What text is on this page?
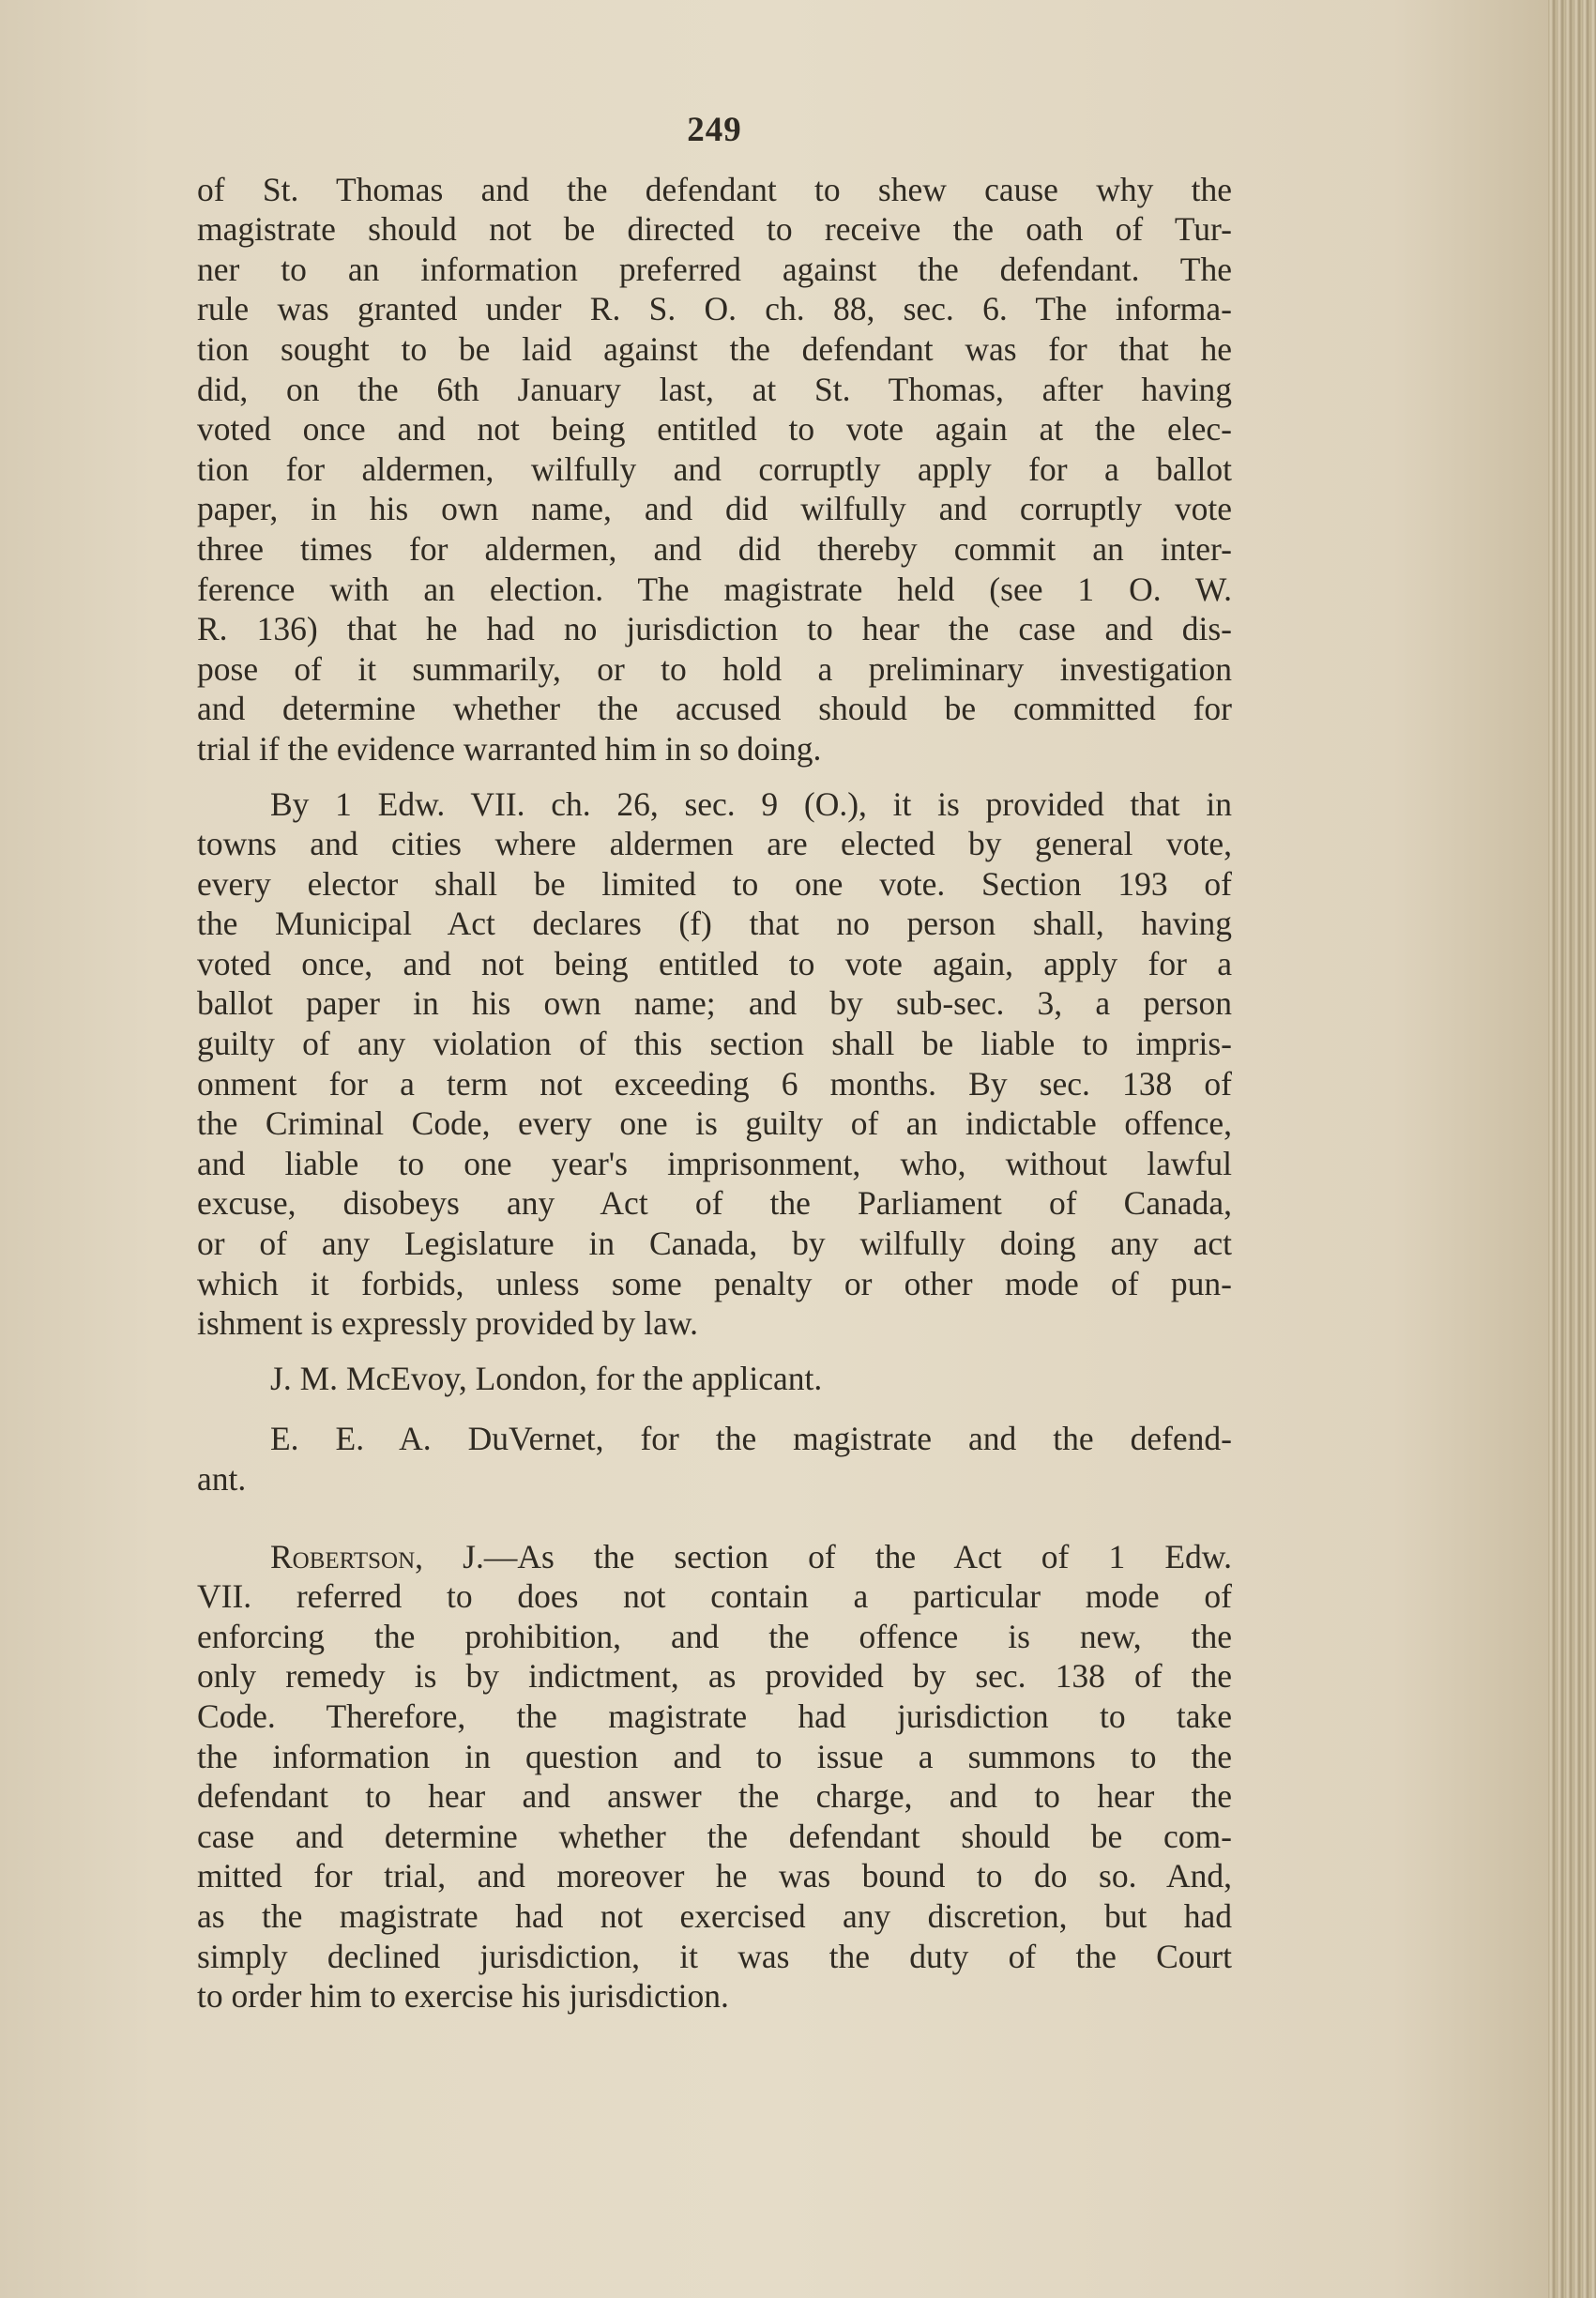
249

of St. Thomas and the defendant to shew cause why the

magistrate should not be directed to receive the oath of Tur-

ner to an information preferred against the defendant. The

rule was granted under R. S. O. ch. 88, sec. 6. The informa-

tion sought to be laid against the defendant was for that he

did, on the 6th January last, at St. Thomas, after having

voted once and not being entitled to vote again at the elec-

tion for aldermen, wilfully and corruptly apply for a ballot

paper, in his own name, and did wilfully and corruptly vote

three times for aldermen, and did thereby commit an inter-

ference with an election. The magistrate held (see 1 O. W.

R. 136) that he had no jurisdiction to hear the case and dis-

pose of it summarily, or to hold a preliminary investigation

and determine whether the accused should be committed for

trial if the evidence warranted him in so doing.

By 1 Edw. VII. ch. 26, sec. 9 (O.), it is provided that in

towns and cities where aldermen are elected by general vote,

every elector shall be limited to one vote. Section 193 of

the Municipal Act declares (f) that no person shall, having

voted once, and not being entitled to vote again, apply for a

ballot paper in his own name; and by sub-sec. 3, a person

guilty of any violation of this section shall be liable to impris-

onment for a term not exceeding 6 months. By sec. 138 of

the Criminal Code, every one is guilty of an indictable offence,

and liable to one year's imprisonment, who, without lawful

excuse, disobeys any Act of the Parliament of Canada,

or of any Legislature in Canada, by wilfully doing any act

which it forbids, unless some penalty or other mode of pun-

ishment is expressly provided by law.

J. M. McEvoy, London, for the applicant.

E. E. A. DuVernet, for the magistrate and the defend-

ant.

Robertson, J.—As the section of the Act of 1 Edw.

VII. referred to does not contain a particular mode of

enforcing the prohibition, and the offence is new, the

only remedy is by indictment, as provided by sec. 138 of the

Code. Therefore, the magistrate had jurisdiction to take

the information in question and to issue a summons to the

defendant to hear and answer the charge, and to hear the

case and determine whether the defendant should be com-

mitted for trial, and moreover he was bound to do so. And,

as the magistrate had not exercised any discretion, but had

simply declined jurisdiction, it was the duty of the Court

to order him to exercise his jurisdiction.
